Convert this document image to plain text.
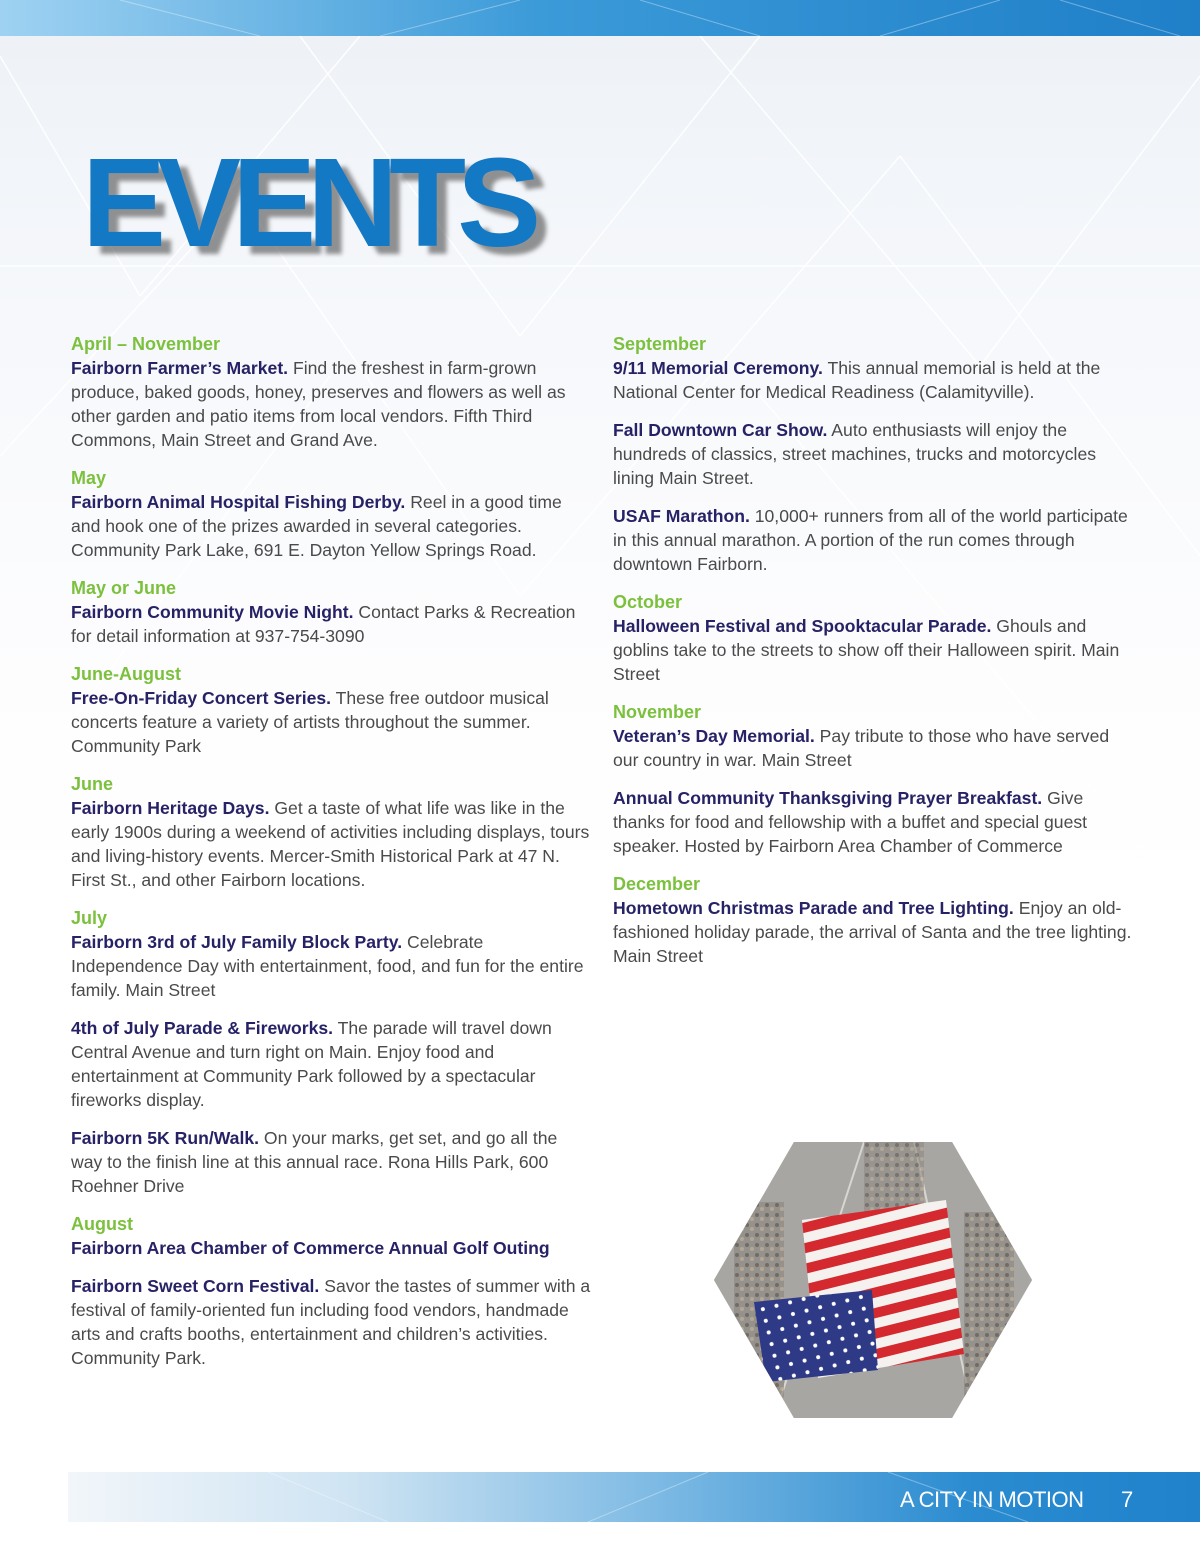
EVENTS
April – November
Fairborn Farmer’s Market. Find the freshest in farm-grown produce, baked goods, honey, preserves and flowers as well as other garden and patio items from local vendors. Fifth Third Commons, Main Street and Grand Ave.
May
Fairborn Animal Hospital Fishing Derby. Reel in a good time and hook one of the prizes awarded in several categories. Community Park Lake, 691 E. Dayton Yellow Springs Road.
May or June
Fairborn Community Movie Night. Contact Parks & Recreation for detail information at 937-754-3090
June-August
Free-On-Friday Concert Series. These free outdoor musical concerts feature a variety of artists throughout the summer. Community Park
June
Fairborn Heritage Days. Get a taste of what life was like in the early 1900s during a weekend of activities including displays, tours and living-history events. Mercer-Smith Historical Park at 47 N. First St., and other Fairborn locations.
July
Fairborn 3rd of July Family Block Party. Celebrate Independence Day with entertainment, food, and fun for the entire family. Main Street
4th of July Parade & Fireworks. The parade will travel down Central Avenue and turn right on Main. Enjoy food and entertainment at Community Park followed by a spectacular fireworks display.
Fairborn 5K Run/Walk. On your marks, get set, and go all the way to the finish line at this annual race. Rona Hills Park, 600 Roehner Drive
August
Fairborn Area Chamber of Commerce Annual Golf Outing
Fairborn Sweet Corn Festival. Savor the tastes of summer with a festival of family-oriented fun including food vendors, handmade arts and crafts booths, entertainment and children’s activities. Community Park.
September
9/11 Memorial Ceremony. This annual memorial is held at the National Center for Medical Readiness (Calamityville).
Fall Downtown Car Show. Auto enthusiasts will enjoy the hundreds of classics, street machines, trucks and motorcycles lining Main Street.
USAF Marathon. 10,000+ runners from all of the world participate in this annual marathon. A portion of the run comes through downtown Fairborn.
October
Halloween Festival and Spooktacular Parade. Ghouls and goblins take to the streets to show off their Halloween spirit. Main Street
November
Veteran’s Day Memorial. Pay tribute to those who have served our country in war. Main Street
Annual Community Thanksgiving Prayer Breakfast. Give thanks for food and fellowship with a buffet and special guest speaker. Hosted by Fairborn Area Chamber of Commerce
December
Hometown Christmas Parade and Tree Lighting. Enjoy an old-fashioned holiday parade, the arrival of Santa and the tree lighting. Main Street
A CITY IN MOTION 7
